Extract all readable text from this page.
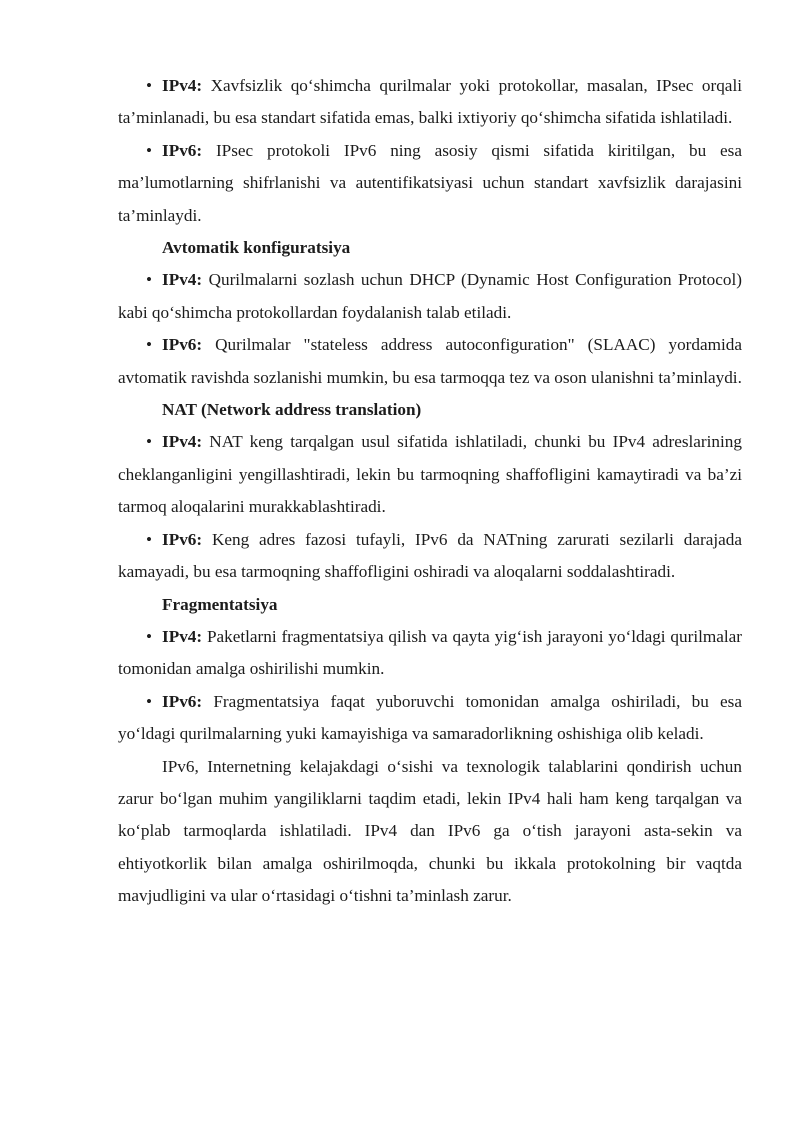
• IPv4: Xavfsizlik qo‘shimcha qurilmalar yoki protokollar, masalan, IPsec orqali ta’minlanadi, bu esa standart sifatida emas, balki ixtiyoriy qo‘shimcha sifatida ishlatiladi.

• IPv6: IPsec protokoli IPv6 ning asosiy qismi sifatida kiritilgan, bu esa ma’lumotlarning shifrlanishi va autentifikatsiyasi uchun standart xavfsizlik darajasini ta’minlaydi.

Avtomatik konfiguratsiya

• IPv4: Qurilmalarni sozlash uchun DHCP (Dynamic Host Configuration Protocol) kabi qo‘shimcha protokollardan foydalanish talab etiladi.

• IPv6: Qurilmalar "stateless address autoconfiguration" (SLAAC) yordamida avtomatik ravishda sozlanishi mumkin, bu esa tarmoqqa tez va oson ulanishni ta’minlaydi.

NAT (Network address translation)

• IPv4: NAT keng tarqalgan usul sifatida ishlatiladi, chunki bu IPv4 adreslarining cheklanganligini yengillashtiradi, lekin bu tarmoqning shaffofligini kamaytiradi va ba’zi tarmoq aloqalarini murakkablashtiradi.

• IPv6: Keng adres fazosi tufayli, IPv6 da NATning zarurati sezilarli darajada kamayadi, bu esa tarmoqning shaffofligini oshiradi va aloqalarni soddalashtiradi.

Fragmentatsiya

• IPv4: Paketlarni fragmentatsiya qilish va qayta yig‘ish jarayoni yo‘ldagi qurilmalar tomonidan amalga oshirilishi mumkin.

• IPv6: Fragmentatsiya faqat yuboruvchi tomonidan amalga oshiriladi, bu esa yo‘ldagi qurilmalarning yuki kamayishiga va samaradorlikning oshishiga olib keladi.

IPv6, Internetning kelajakdagi o‘sishi va texnologik talablarini qondirish uchun zarur bo‘lgan muhim yangiliklarni taqdim etadi, lekin IPv4 hali ham keng tarqalgan va ko‘plab tarmoqlarda ishlatiladi. IPv4 dan IPv6 ga o‘tish jarayoni asta-sekin va ehtiyotkorlik bilan amalga oshirilmoqda, chunki bu ikkala protokolning bir vaqtda mavjudligini va ular o‘rtasidagi o‘tishni ta’minlash zarur.
